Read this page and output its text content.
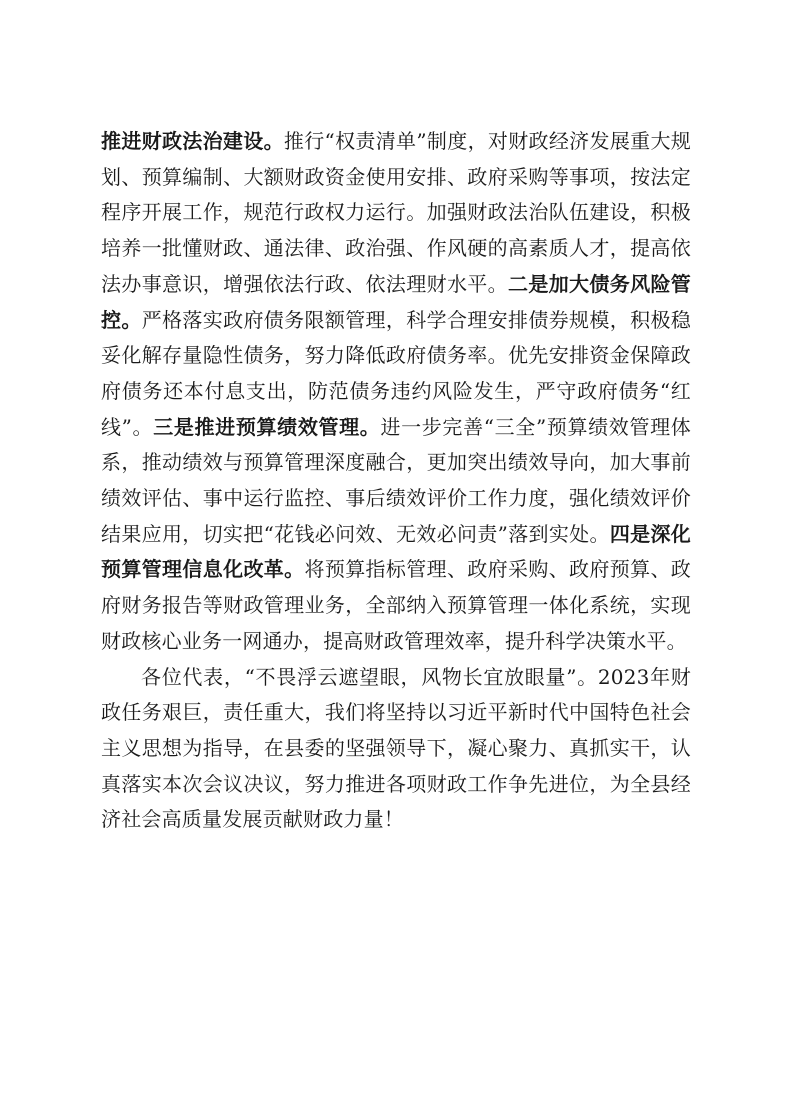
推进财政法治建设。推行“权责清单”制度，对财政经济发展重大规划、预算编制、大额财政资金使用安排、政府采购等事项，按法定程序开展工作，规范行政权力运行。加强财政法治队伍建设，积极培养一批懂财政、通法律、政治强、作风硬的高素质人才，提高依法办事意识，增强依法行政、依法理财水平。二是加大债务风险管控。严格落实政府债务限额管理，科学合理安排债券规模，积极稳妥化解存量隐性债务，努力降低政府债务率。优先安排资金保障政府债务还本付息支出，防范债务违约风险发生，严守政府债务“红线”。三是推进预算绩效管理。进一步完善“三全”预算绩效管理体系，推动绩效与预算管理深度融合，更加突出绩效导向，加大事前绩效评估、事中运行监控、事后绩效评价工作力度，强化绩效评价结果应用，切实把“花钱必问效、无效必问责”落到实处。四是深化预算管理信息化改革。将预算指标管理、政府采购、政府预算、政府财务报告等财政管理业务，全部纳入预算管理一体化系统，实现财政核心业务一网通办，提高财政管理效率，提升科学决策水平。

各位代表，“不畏浮云遮望眼，风物长宜放眼量”。2023年财政任务艰巨，责任重大，我们将坚持以习近平新时代中国特色社会主义思想为指导，在县委的坚强领导下，凝心聚力、真抓实干，认真落实本次会议决议，努力推进各项财政工作争先进位，为全县经济社会高质量发展贡献财政力量！
